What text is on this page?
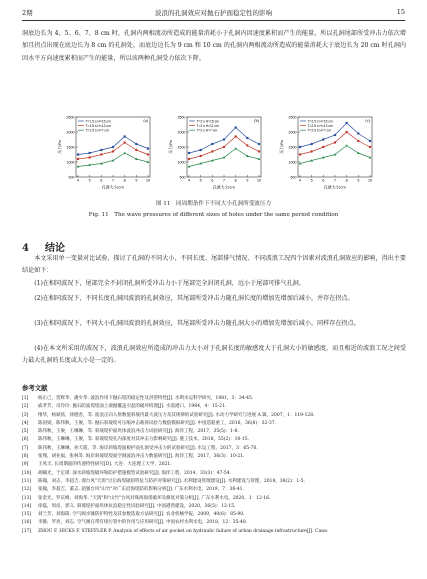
2期	波浪的孔洞效应对抛石护面稳定性的影响	15
洞底边长为 4、5、6、7、8 cm 时，孔洞内两相流动所造成的能量消耗小于孔洞内因速度累积而产生的能量，所以孔洞尾部所受冲击力依次增加且拐点出现在底边长为 8 cm 的孔洞处。而底边边长为 9 cm 和 10 cm 的孔洞内两相流动所造成的能量消耗大于底边长为 20 cm 时孔洞内因水平方向速度累积而产生的能量，所以该两种孔洞受力依次下降。
500
1000
1500
2000
2500
4	5	6	7	8	9 10
压力/Pa
孔洞大小/cm
(a)
T=1.5 s H=15 cm
T=1.5 s H=13 cm
T=1.5 s H=7 cm
500
1000
1500
2000
2500
4	5	6	7	8	9 10
压力/Pa
孔洞大小/cm
(b)
T=2 s H=15 cm
T=2 s H=11 cm
T=2 s H=7 cm
500
1000
1500
2000
2500
4	5	6	7	8	9 10
压力/Pa
孔洞大小/cm
(c)
T=2.5 s H=15 cm
T=2.5 s H=13 cm
T=2.5 s H=7 cm
图 11　同周期条件下不同大小孔洞所受波压力
Fig. 11　The wave pressures of different sizes of holes under the same period condition
4 结论
本文采用单一变量对比试验，探讨了孔洞的不同大小、不同长度、尾部排气情况、不同波浪工况四个因素对波浪孔洞效应的影响，得出主要结论如下：
(1)在相同波况下，尾部完全不封闭孔洞所受冲击力小于尾部完全封闭孔洞，远小于尾部可排气孔洞。
(2)在相同波况下，不同长度孔洞因波浪的孔洞效应，其尾部所受冲击力随孔洞长度的增加先增加后减小，并存在拐点。
(3)在相同波况下，不同大小孔洞因波浪的孔洞效应，其尾部所受冲击力随孔洞大小的增加先增加后减小，同样存在拐点。
(4)在本文所采用的波况下，波浪孔洞效应所造成的冲击力大小对于孔洞长度的敏感度大于孔洞大小的敏感度，而且相近的波浪工况之间受力最大孔洞的长度或大小是一定的。
参考文献
[1]	杨正己，贺辉华，潘少华. 波浪作用下抛石堤的稳定性及洪涝特性[J]. 水利水运科学研究，1981，3：34-45.
[2]	戚孝芳，司玲玲. 抛石防波堤堤面上滚抛覆盖引起的破坏机理[J]. 水道港口，1984，4：15-21.
[3]	惰华，杨斌扬，徐德善，等. 波浪正向入射数值斜坡内最大波压力及其规律的试验研究[J]. 水动力学研究与进展 A 辑，2007，1：119-128.
[4]	陈国梁，陈伟秋，王俊，等. 抛石斜坡堤可压缩冲击载荷试验与数值模拟研究[J]. 中国造船重工，2016，36(8)：32-37.
[5]	陈伟秋，王俊，王琳琳，等. 斜坡堤护面块体波浪冲击力试验研究[J]. 海洋工程，2017，35(5)：1-8.
[6]	陈伟秋，王琳琳，王俊，等. 斜坡堤堤孔内深度对其冲击力影响研究[J]. 港工技术，2018，55(2)：10-15.
[7]	陈伟秋，王琳琳，孙天霞，等. 海岸斜坡堤面板护面孔洞受冲击力的试验研究[J]. 水运工程，2017，3：65-70.
[8]	张翔，胡业福，张林等. 海岸斜坡堤堤面空洞波浪冲击力数值研究[J]. 海洋工程，2017，36(3)：10-21.
[9]	王凤天. 长周期波的传递特性研究[D]. 大连：大连理工大学，2021.
[10]	胡曦光，于定谭. 深水斜坡堤破坏和防护措施模型试验研究[J]. 海洋工程，2014，33(3)：47-54.
[11]	陈翰，刘志，李超吉. 漫台风"天鸽"过后海堤破损特征与防护对策研究[J]. 水利建设管理建设[J]. 水利建设与管理，2018，38(2)：1-5.
[12]	张翰，李超吉，董志. 超强台风"山竹"对广东沿海堤防的影响分析[J]. 广东水利水电，2019，7：38-41.
[13]	张金光，罗庆峰，刘海华. "天鸽"和"山竹"台风对珠海海堤破坏及修复对策分析[J]. 广东水利水电，2020，1：12-16.
[14]	徐磊，周彦，郭义. 斜坡堤护面块体抗浪稳定性试验研究[J]. 中国港湾建设，2020，36(5)：12-15.
[15]	刘兰芳，刘海阳. 空气阀水锤防护特性及其参数选取方法研究[J]. 农业机械学报，2009，40(6)：85-90.
[16]	李静，罗亮，刘志. 空气阀在带有排污管中的作用与应用研究[J]. 中国农村水利水电，2018，12：35-40.
[17]	ZHOU F, HICKS F, STEFFLER P. Analysis of effects of air pocket on hydraulic failure of urban drainage infrastructure[J]. Cana-
